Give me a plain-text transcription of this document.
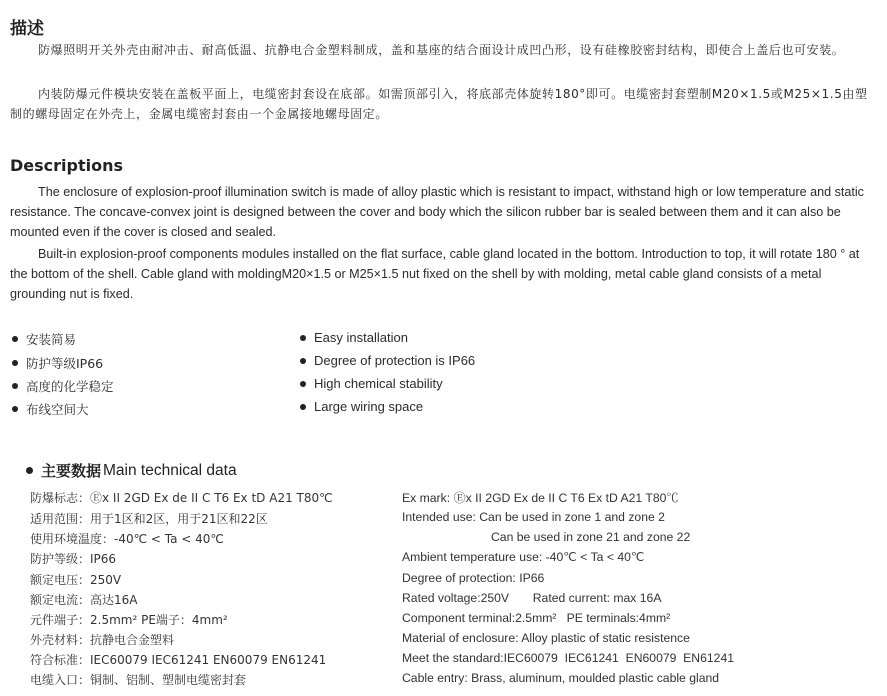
描述

防爆照明开关外壳由耐冲击、耐高低温、抗静电合金塑料制成，盖和基座的结合面设计成凹凸形，设有硅橡胶密封结构，即使合上盖后也可安装。

内装防爆元件模块安装在盖板平面上，电缆密封套设在底部。如需顶部引入，将底部壳体旋转180°即可。电缆密封套塑制M20×1.5或M25×1.5由塑制的螺母固定在外壳上，金属电缆密封套由一个金属接地螺母固定。

Descriptions

The enclosure of explosion-proof illumination switch is made of alloy plastic which is resistant to impact, withstand high or low temperature and static resistance. The concave-convex joint is designed between the cover and body which the silicon rubber bar is sealed between them and it can also be mounted even if the cover is closed and sealed.

Built-in explosion-proof components modules installed on the flat surface, cable gland located in the bottom. Introduction to top, it will rotate 180 ° at the bottom of the shell. Cable gland with moldingM20×1.5 or M25×1.5 nut fixed on the shell by with molding, metal cable gland consists of a metal grounding nut is fixed.

安装简易
防护等级IP66
高度的化学稳定
布线空间大
Easy installation
Degree of protection is IP66
High chemical stability
Large wiring space
主要数据 Main technical data
防爆标志：Ⓔx II 2GD Ex de II C T6 Ex tD A21 T80℃
适用范围：用于1区和2区，用于21区和22区
使用环境温度：-40℃ < Ta < 40℃
防护等级：IP66
额定电压：250V
额定电流：高达16A
元件端子：2.5mm² PE端子：4mm²
外壳材料：抗静电合金塑料
符合标准：IEC60079 IEC61241 EN60079 EN61241
电缆入口：铜制、铝制、塑制电缆密封套
Ex mark: Ⓔx II 2GD Ex de II C T6 Ex tD A21 T80℃
Intended use: Can be used in zone 1 and zone 2
Can be used in zone 21 and zone 22
Ambient temperature use: -40℃ < Ta < 40℃
Degree of protection: IP66
Rated voltage:250V       Rated current: max 16A
Component terminal:2.5mm²   PE terminals:4mm²
Material of enclosure: Alloy plastic of static resistence
Meet the standard:IEC60079  IEC61241  EN60079  EN61241
Cable entry: Brass, aluminum, moulded plastic cable gland
